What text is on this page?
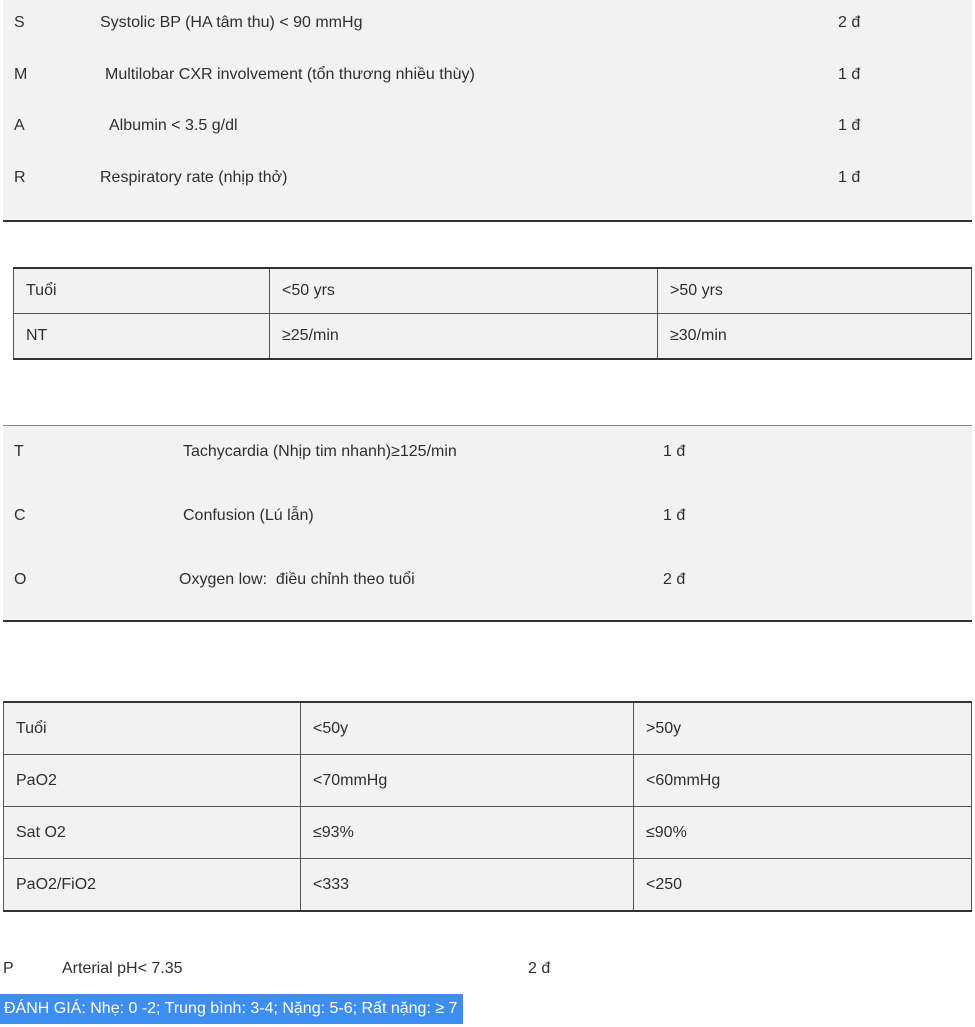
S	Systolic BP (HA tâm thu) < 90 mmHg	2 đ
M	Multilobar CXR involvement (tổn thương nhiều thùy)	1 đ
A	Albumin < 3.5 g/dl	1 đ
R	Respiratory rate (nhịp thở)	1 đ
Tuổi	<50 yrs	>50 yrs
NT	≥25/min	≥30/min
T	Tachycardia (Nhịp tim nhanh)≥125/min	1 đ
C	Confusion (Lú lẫn)	1 đ
O	Oxygen low:  điều chỉnh theo tuổi	2 đ
Tuổi	<50y	>50y
PaO2	<70mmHg	<60mmHg
Sat O2	≤93%	≤90%
PaO2/FiO2	<333	<250
P	Arterial pH< 7.35	2 đ
ĐÁNH GIÁ: Nhẹ: 0 -2; Trung bình: 3-4; Nặng: 5-6; Rất nặng: ≥ 7
